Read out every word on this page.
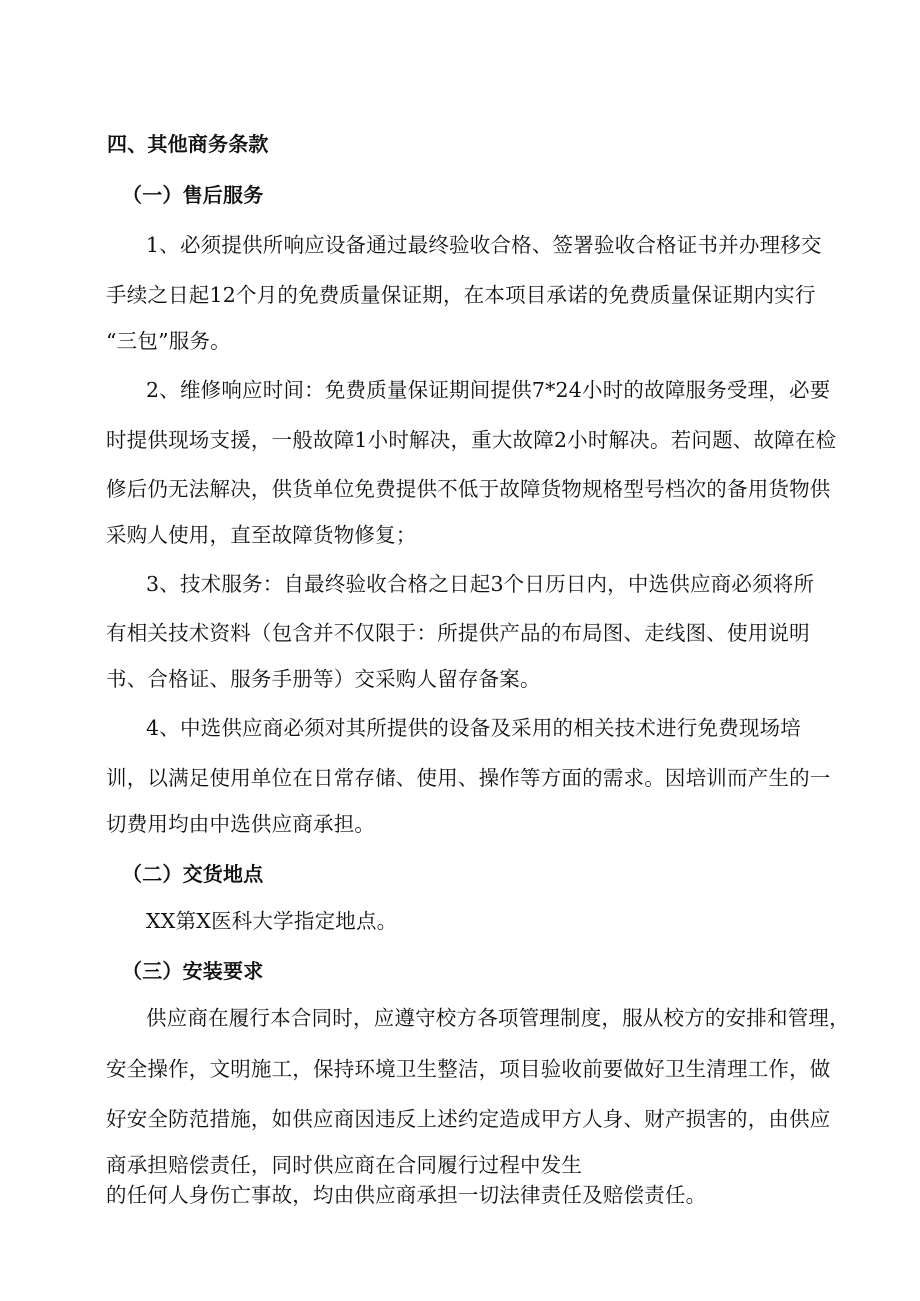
四、其他商务条款
（一）售后服务
1、必须提供所响应设备通过最终验收合格、签署验收合格证书并办理移交
手续之日起12个月的免费质量保证期，在本项目承诺的免费质量保证期内实行
“三包”服务。
2、维修响应时间：免费质量保证期间提供7*24小时的故障服务受理，必要
时提供现场支援，一般故障1小时解决，重大故障2小时解决。若问题、故障在检
修后仍无法解决，供货单位免费提供不低于故障货物规格型号档次的备用货物供
采购人使用，直至故障货物修复；
3、技术服务：自最终验收合格之日起3个日历日内，中选供应商必须将所
有相关技术资料（包含并不仅限于：所提供产品的布局图、走线图、使用说明
书、合格证、服务手册等）交采购人留存备案。
4、中选供应商必须对其所提供的设备及采用的相关技术进行免费现场培
训，以满足使用单位在日常存储、使用、操作等方面的需求。因培训而产生的一
切费用均由中选供应商承担。
（二）交货地点
XX第X医科大学指定地点。
（三）安装要求
供应商在履行本合同时，应遵守校方各项管理制度，服从校方的安排和管理，
安全操作，文明施工，保持环境卫生整洁，项目验收前要做好卫生清理工作，做
好安全防范措施，如供应商因违反上述约定造成甲方人身、财产损害的，由供应
商承担赔偿责任，同时供应商在合同履行过程中发生
的任何人身伤亡事故，均由供应商承担一切法律责任及赔偿责任。
